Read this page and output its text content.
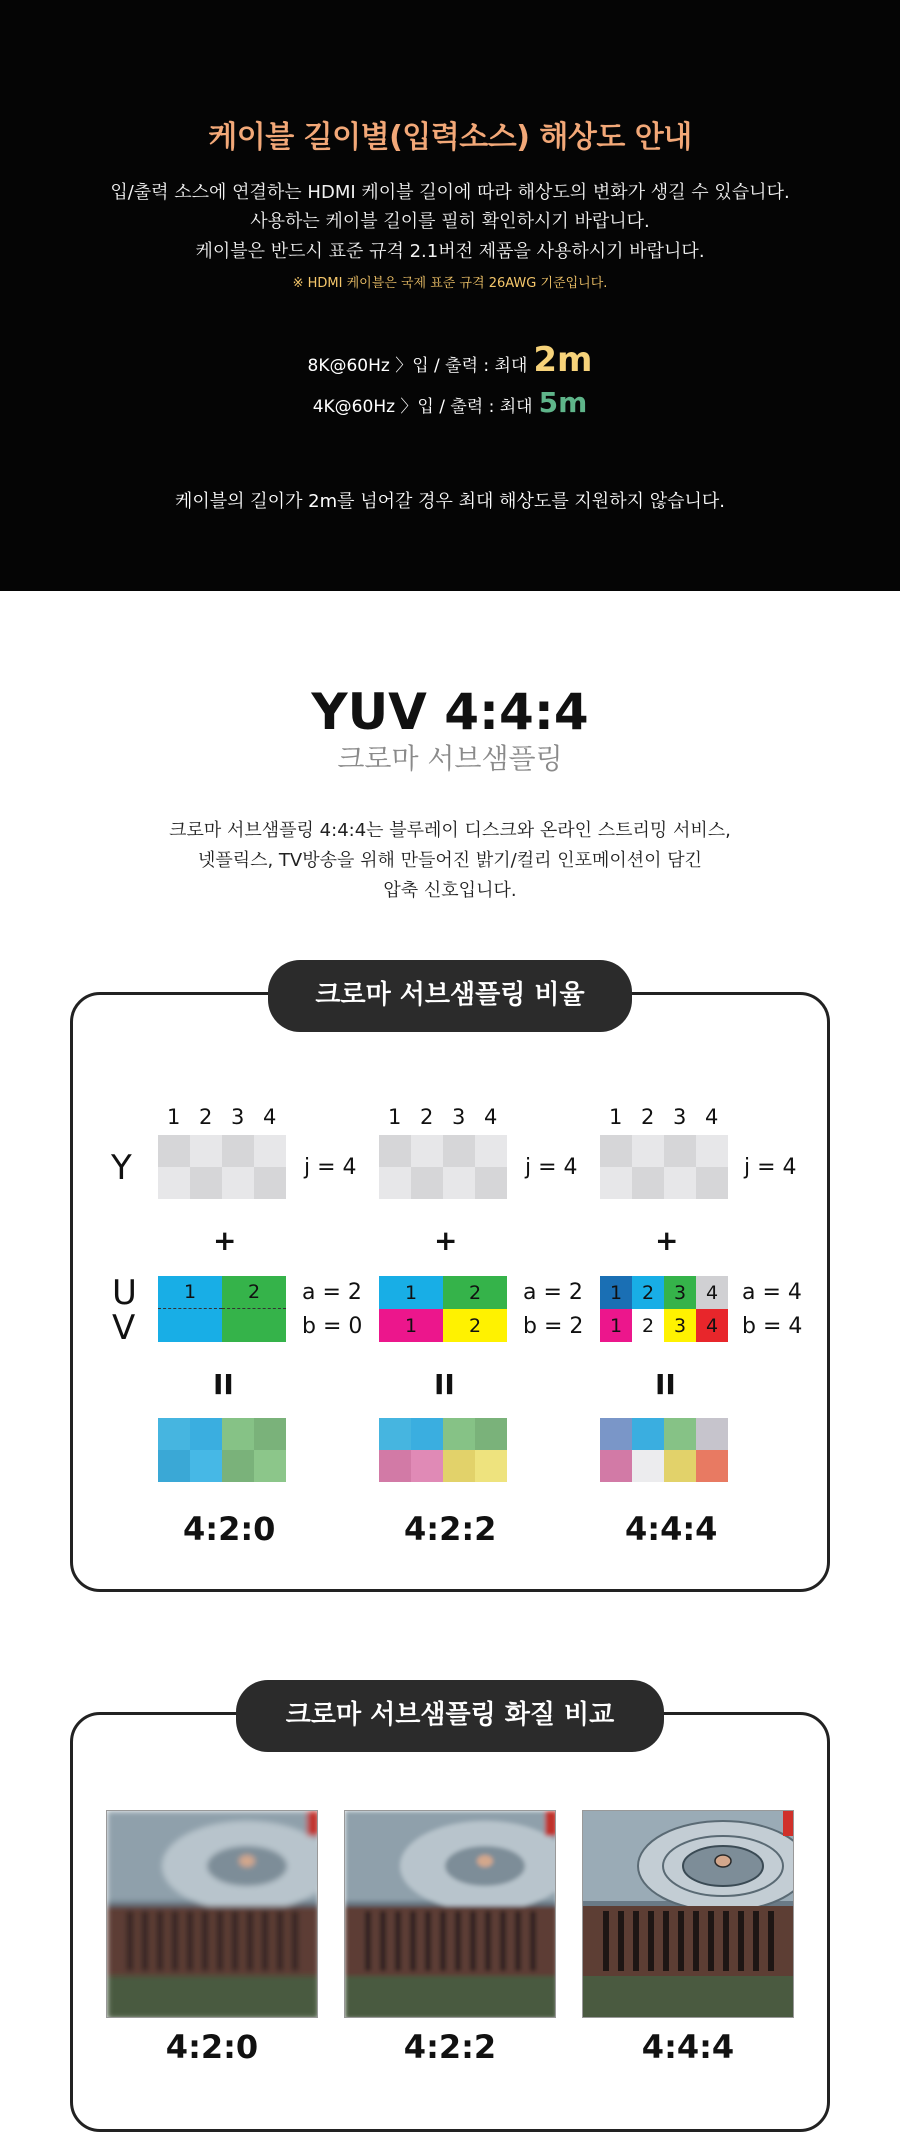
케이블 길이별(입력소스) 해상도 안내
입/출력 소스에 연결하는 HDMI 케이블 길이에 따라 해상도의 변화가 생길 수 있습니다.
사용하는 케이블 길이를 필히 확인하시기 바랍니다.
케이블은 반드시 표준 규격 2.1버전 제품을 사용하시기 바랍니다.
※ HDMI 케이블은 국제 표준 규격 26AWG 기준입니다.
8K@60Hz 〉입 / 출력 : 최대 2m
4K@60Hz 〉입 / 출력 : 최대 5m
케이블의 길이가 2m를 넘어갈 경우 최대 해상도를 지원하지 않습니다.
YUV 4:4:4
크로마 서브샘플링
크로마 서브샘플링 4:4:4는 블루레이 디스크와 온라인 스트리밍 서비스,
넷플릭스, TV방송을 위해 만들어진 밝기/컬리 인포메이션이 담긴
압축 신호입니다.
크로마 서브샘플링 비율
Y
U
V
1 2 3 4
j = 4
+
1	2	a = 2
b = 0
II
4:2:0
1 2 3 4
j = 4
+
1	2
1	2
a = 2
b = 2
II
4:2:2
1 2 3 4
j = 4
+
1	2	3	4
1	2	3	4
a = 4
b = 4
II
4:4:4
크로마 서브샘플링 화질 비교
4:2:0	4:2:2	4:4:4
